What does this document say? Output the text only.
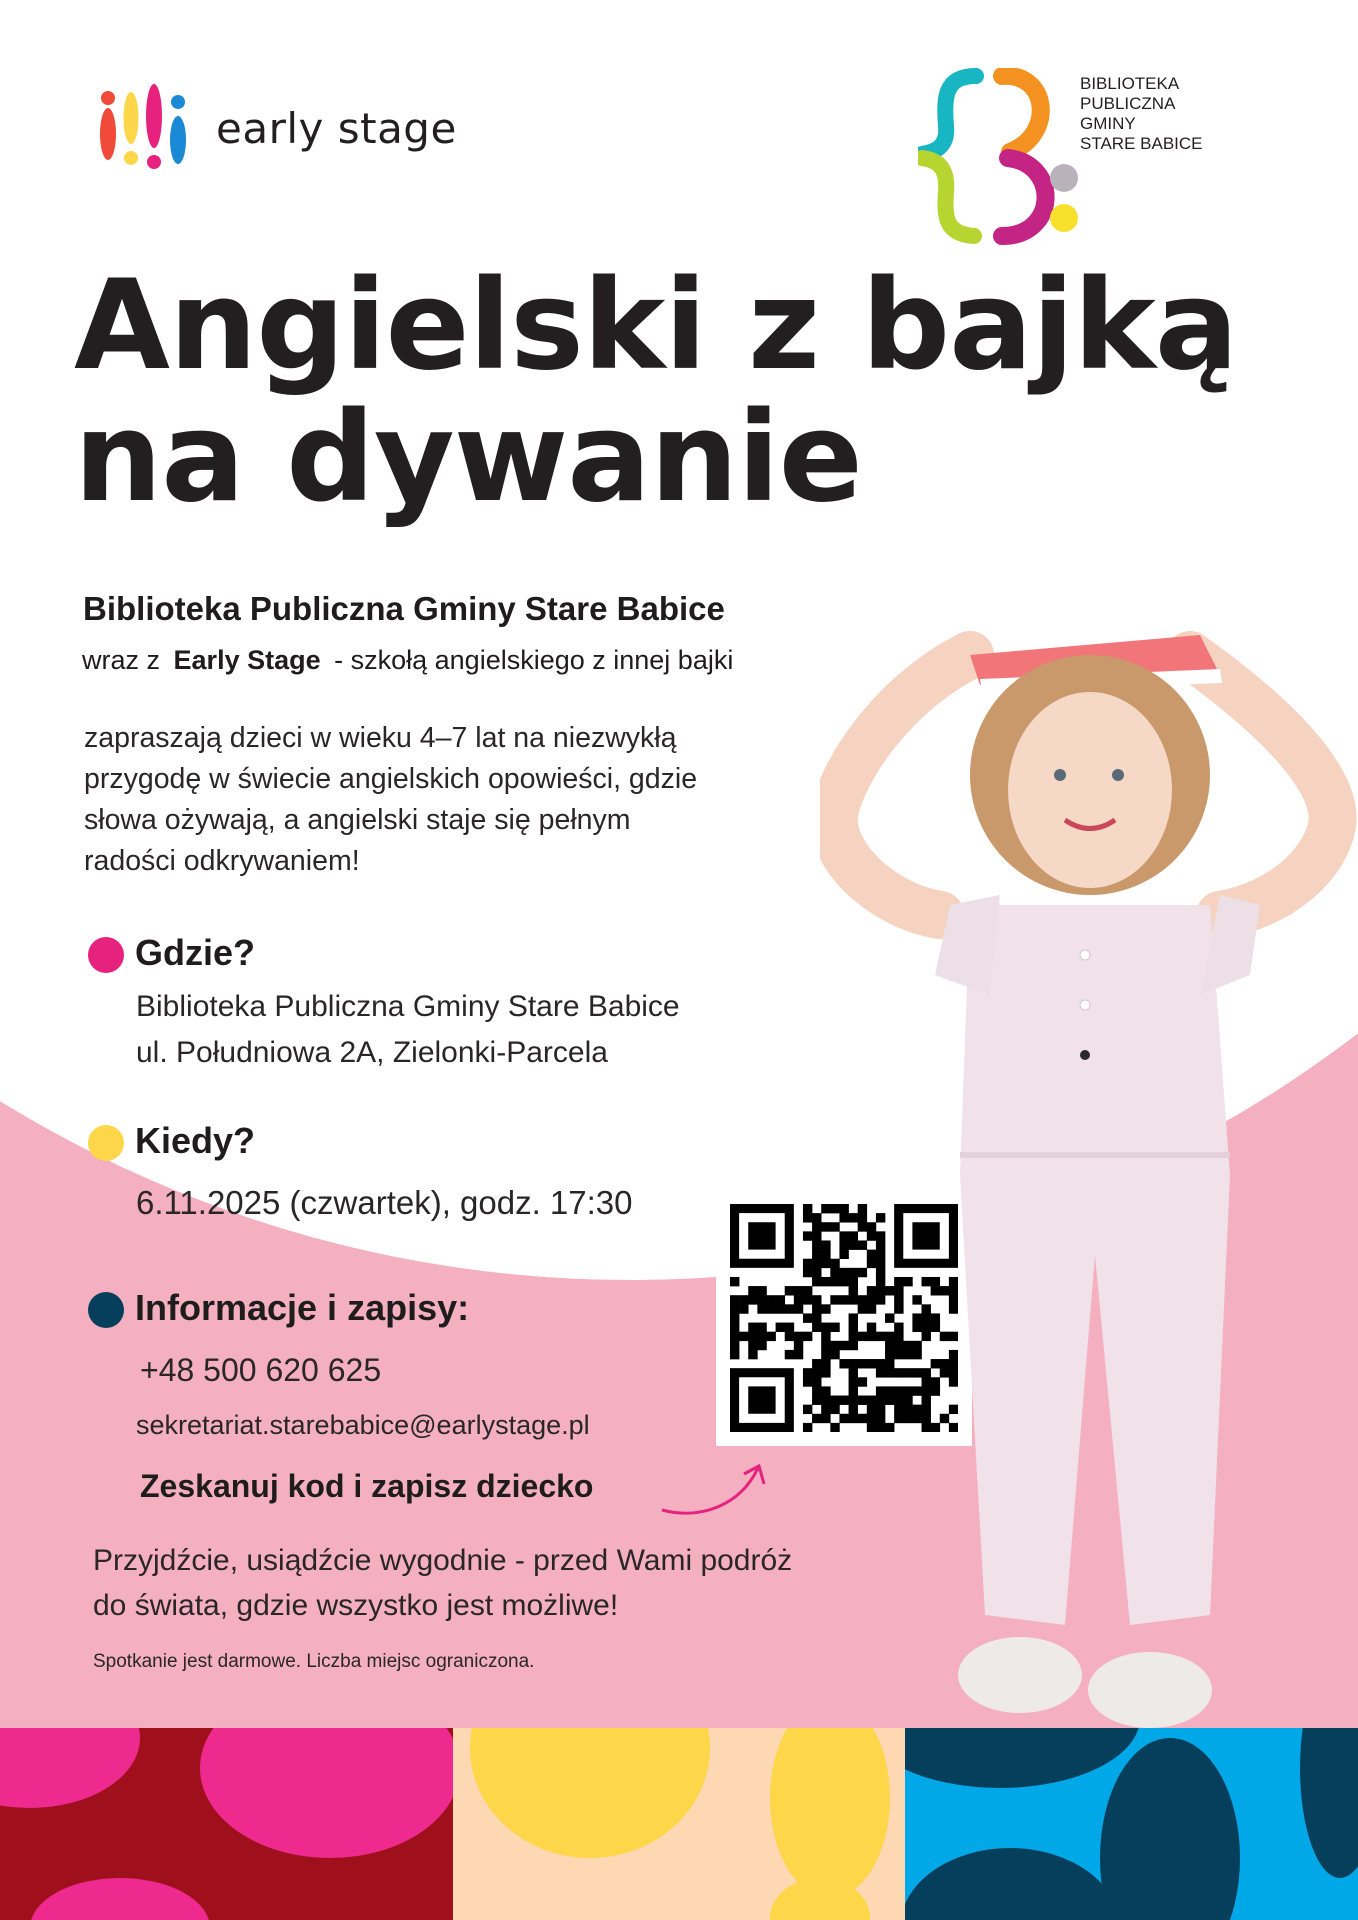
early stage
BIBLIOTEKA
PUBLICZNA
GMINY
STARE BABICE
Angielski z bajką
na dywanie
Biblioteka Publiczna Gminy Stare Babice
wraz z Early Stage - szkołą angielskiego z innej bajki
zapraszają dzieci w wieku 4–7 lat na niezwykłą
przygodę w świecie angielskich opowieści, gdzie
słowa ożywają, a angielski staje się pełnym
radości odkrywaniem!
Gdzie?
Biblioteka Publiczna Gminy Stare Babice
ul. Południowa 2A, Zielonki-Parcela
Kiedy?
6.11.2025 (czwartek), godz. 17:30
Informacje i zapisy:
+48 500 620 625
sekretariat.starebabice@earlystage.pl
Zeskanuj kod i zapisz dziecko
Przyjdźcie, usiądźcie wygodnie - przed Wami podróż
do świata, gdzie wszystko jest możliwe!
Spotkanie jest darmowe. Liczba miejsc ograniczona.
